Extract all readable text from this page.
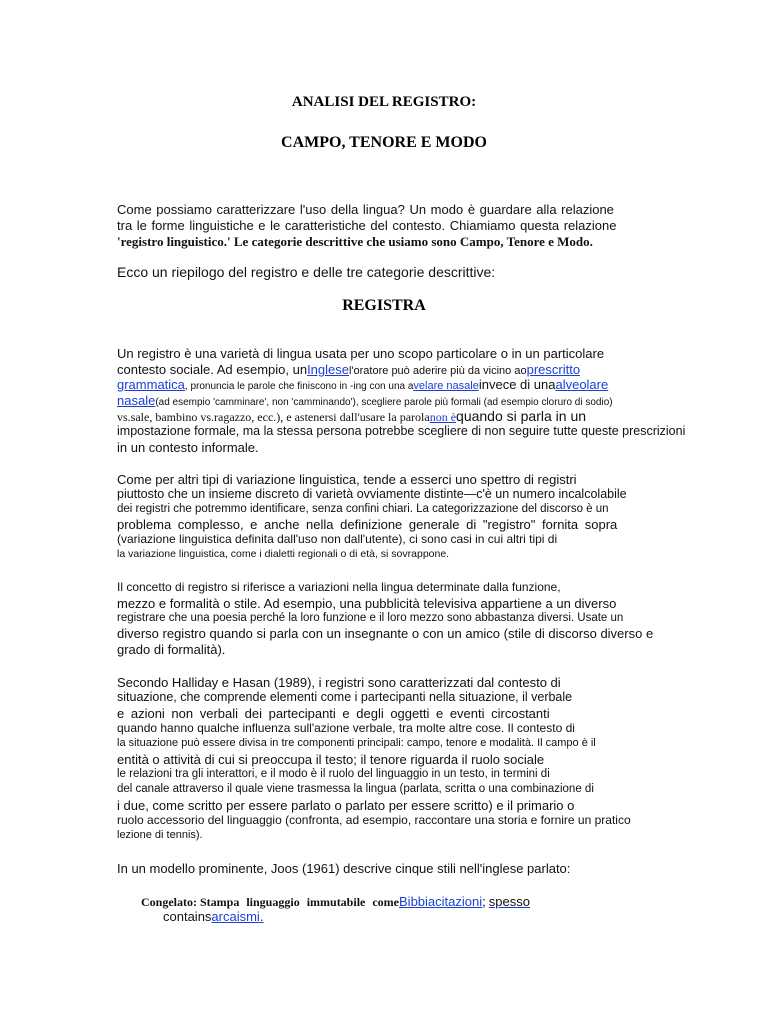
ANALISI DEL REGISTRO:
CAMPO, TENORE E MODO
Come possiamo caratterizzare l'uso della lingua? Un modo è guardare alla relazione
tra le forme linguistiche e le caratteristiche del contesto. Chiamiamo questa relazione
'registro linguistico.' Le categorie descrittive che usiamo sono Campo, Tenore e Modo.
Ecco un riepilogo del registro e delle tre categorie descrittive:
REGISTRA
Un registro è una varietà di lingua usata per uno scopo particolare o in un particolare
contesto sociale. Ad esempio, unInglesel'oratore può aderire più da vicino aoprescritto
grammatica, pronuncia le parole che finiscono in -ing con una avelare nasaleinvece di unaalveolare
nasale(ad esempio 'camminare', non 'camminando'), scegliere parole più formali (ad esempio cloruro di sodio)
vs.sale, bambino vs.ragazzo, ecc.), e astenersi dall'usare la parolanon èquando si parla in un
impostazione formale, ma la stessa persona potrebbe scegliere di non seguire tutte queste prescrizioni
in un contesto informale.
Come per altri tipi di variazione linguistica, tende a esserci uno spettro di registri
piuttosto che un insieme discreto di varietà ovviamente distinte—c'è un numero incalcolabile
dei registri che potremmo identificare, senza confini chiari. La categorizzazione del discorso è un
problema complesso, e anche nella definizione generale di "registro" fornita sopra
(variazione linguistica definita dall'uso non dall'utente), ci sono casi in cui altri tipi di
la variazione linguistica, come i dialetti regionali o di età, si sovrappone.
Il concetto di registro si riferisce a variazioni nella lingua determinate dalla funzione,
mezzo e formalità o stile. Ad esempio, una pubblicità televisiva appartiene a un diverso
registrare che una poesia perché la loro funzione e il loro mezzo sono abbastanza diversi. Usate un
diverso registro quando si parla con un insegnante o con un amico (stile di discorso diverso e
grado di formalità).
Secondo Halliday e Hasan (1989), i registri sono caratterizzati dal contesto di
situazione, che comprende elementi come i partecipanti nella situazione, il verbale
e azioni non verbali dei partecipanti e degli oggetti e eventi circostanti
quando hanno qualche influenza sull'azione verbale, tra molte altre cose. Il contesto di
la situazione può essere divisa in tre componenti principali: campo, tenore e modalità. Il campo è il
entità o attività di cui si preoccupa il testo; il tenore riguarda il ruolo sociale
le relazioni tra gli interattori, e il modo è il ruolo del linguaggio in un testo, in termini di
del canale attraverso il quale viene trasmessa la lingua (parlata, scritta o una combinazione di
i due, come scritto per essere parlato o parlato per essere scritto) e il primario o
ruolo accessorio del linguaggio (confronta, ad esempio, raccontare una storia e fornire un pratico
lezione di tennis).
In un modello prominente, Joos (1961) descrive cinque stili nell'inglese parlato:
Congelato: Stampa linguaggio immutabile comeBibbiacitazioni; spesso
containsarcaismi.
